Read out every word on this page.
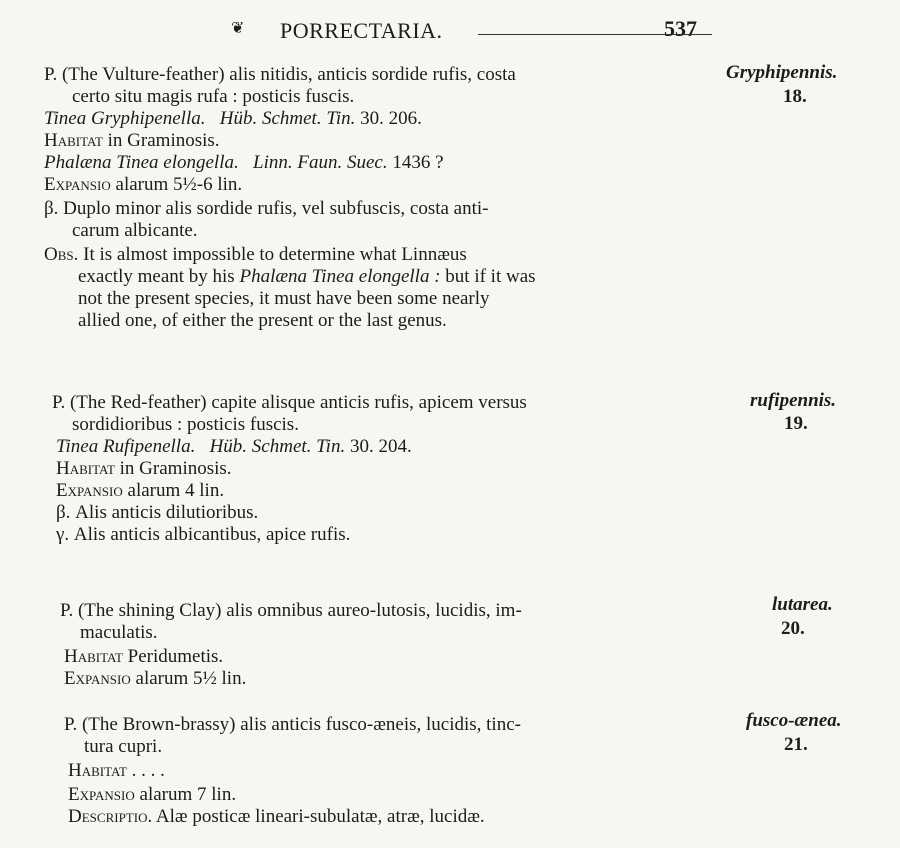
❦ PORRECTARIA.	537
P. (The Vulture-feather) alis nitidis, anticis sordide rufis, costa
certo situ magis rufa : posticis fuscis.
Tinea Gryphipenella. Hüb. Schmet. Tin. 30. 206.
Habitat in Graminosis.
Phalæna Tinea elongella. Linn. Faun. Suec. 1436 ?
Expansio alarum 5½-6 lin.
β. Duplo minor alis sordide rufis, vel subfuscis, costa anti-
carum albicante.
Obs. It is almost impossible to determine what Linnæus
exactly meant by his Phalæna Tinea elongella : but if it was
not the present species, it must have been some nearly
allied one, of either the present or the last genus.
Gryphipennis.
18.
P. (The Red-feather) capite alisque anticis rufis, apicem versus
sordidioribus : posticis fuscis.
Tinea Rufipenella. Hüb. Schmet. Tin. 30. 204.
Habitat in Graminosis.
Expansio alarum 4 lin.
β. Alis anticis dilutioribus.
γ. Alis anticis albicantibus, apice rufis.
rufipennis.
19.
P. (The shining Clay) alis omnibus aureo-lutosis, lucidis, im-
maculatis.
Habitat Peridumetis.
Expansio alarum 5½ lin.
lutarea.
20.
P. (The Brown-brassy) alis anticis fusco-æneis, lucidis, tinc-
tura cupri.
Habitat . . . .
Expansio alarum 7 lin.
Descriptio. Alæ posticæ lineari-subulatæ, atræ, lucidæ.
fusco-ænea.
21.
